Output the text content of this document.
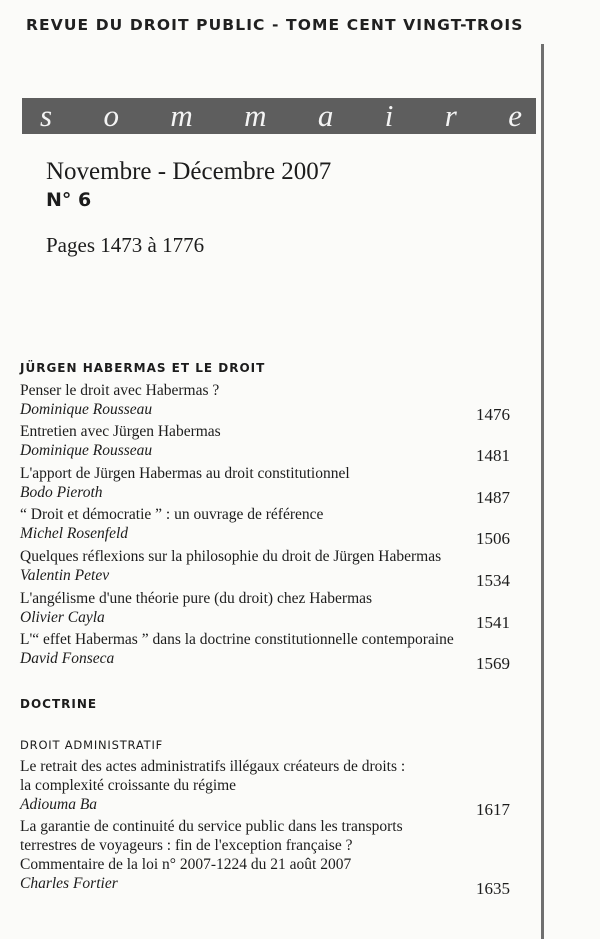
REVUE DU DROIT PUBLIC - TOME CENT VINGT-TROIS
s o m m a i r e
Novembre - Décembre 2007
N° 6
Pages 1473 à 1776
JÜRGEN HABERMAS ET LE DROIT
Penser le droit avec Habermas ?
Dominique Rousseau	1476
Entretien avec Jürgen Habermas
Dominique Rousseau	1481
L'apport de Jürgen Habermas au droit constitutionnel
Bodo Pieroth	1487
“ Droit et démocratie ” : un ouvrage de référence
Michel Rosenfeld	1506
Quelques réflexions sur la philosophie du droit de Jürgen Habermas
Valentin Petev	1534
L'angélisme d'une théorie pure (du droit) chez Habermas
Olivier Cayla	1541
L'“ effet Habermas ” dans la doctrine constitutionnelle contemporaine
David Fonseca	1569
DOCTRINE
DROIT ADMINISTRATIF
Le retrait des actes administratifs illégaux créateurs de droits :
la complexité croissante du régime
Adiouma Ba	1617
La garantie de continuité du service public dans les transports
terrestres de voyageurs : fin de l'exception française ?
Commentaire de la loi n° 2007-1224 du 21 août 2007
Charles Fortier	1635
